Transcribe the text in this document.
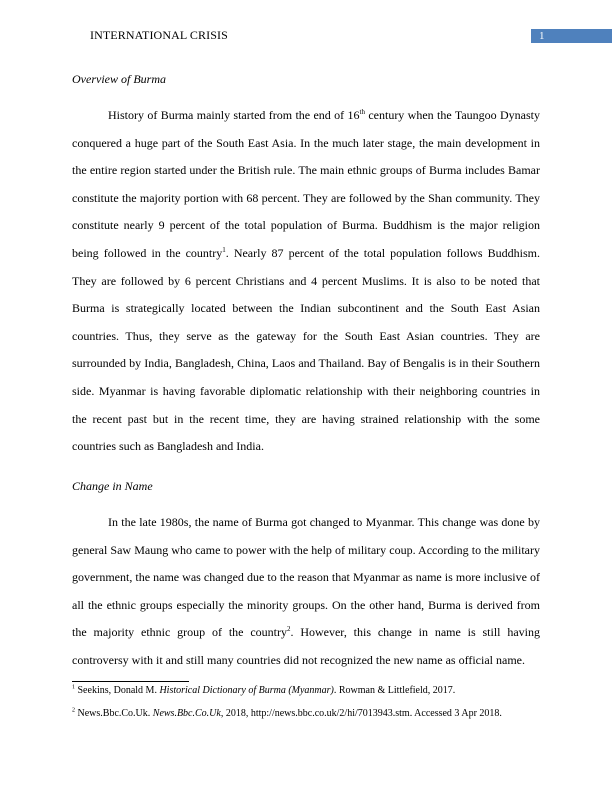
INTERNATIONAL CRISIS	1
Overview of Burma

History of Burma mainly started from the end of 16th century when the Taungoo Dynasty conquered a huge part of the South East Asia. In the much later stage, the main development in the entire region started under the British rule. The main ethnic groups of Burma includes Bamar constitute the majority portion with 68 percent. They are followed by the Shan community. They constitute nearly 9 percent of the total population of Burma. Buddhism is the major religion being followed in the country$^1$. Nearly 87 percent of the total population follows Buddhism. They are followed by 6 percent Christians and 4 percent Muslims. It is also to be noted that Burma is strategically located between the Indian subcontinent and the South East Asian countries. Thus, they serve as the gateway for the South East Asian countries. They are surrounded by India, Bangladesh, China, Laos and Thailand. Bay of Bengalis is in their Southern side. Myanmar is having favorable diplomatic relationship with their neighboring countries in the recent past but in the recent time, they are having strained relationship with the some countries such as Bangladesh and India.

Change in Name

In the late 1980s, the name of Burma got changed to Myanmar. This change was done by general Saw Maung who came to power with the help of military coup. According to the military government, the name was changed due to the reason that Myanmar as name is more inclusive of all the ethnic groups especially the minority groups. On the other hand, Burma is derived from the majority ethnic group of the country$^2$. However, this change in name is still having controversy with it and still many countries did not recognized the new name as official name.

$^1$ Seekins, Donald M. Historical Dictionary of Burma (Myanmar). Rowman & Littlefield, 2017.
$^2$ News.Bbc.Co.Uk. News.Bbc.Co.Uk, 2018, http://news.bbc.co.uk/2/hi/7013943.stm. Accessed 3 Apr 2018.
